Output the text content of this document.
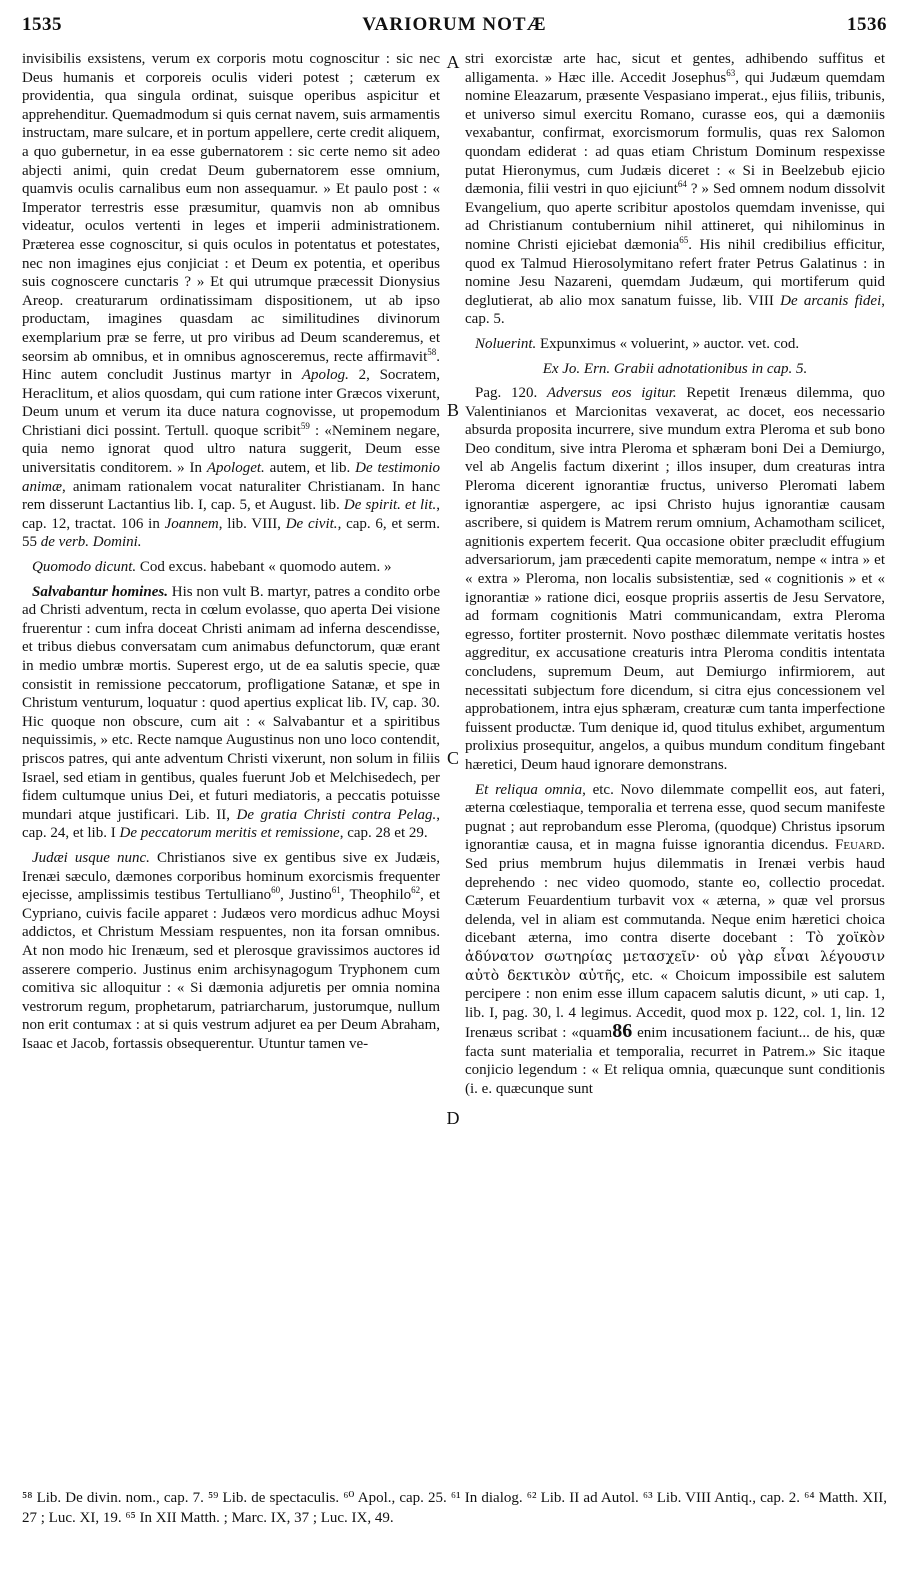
1535	VARIORUM NOTÆ	1536
A
B
C
D

invisibilis exsistens, verum ex corporis motu cognoscitur : sic nec Deus humanis et corporeis oculis videri potest ; cæterum ex providentia, qua singula ordinat, suisque operibus aspicitur et apprehenditur. Quemadmodum si quis cernat navem, suis armamentis instructam, mare sulcare, et in portum appellere, certe credit aliquem, a quo gubernetur, in ea esse gubernatorem : sic certe nemo sit adeo abjecti animi, quin credat Deum gubernatorem esse omnium, quamvis oculis carnalibus eum non assequamur. » Et paulo post : « Imperator terrestris esse præsumitur, quamvis non ab omnibus videatur, oculos vertenti in leges et imperii administrationem. Præterea esse cognoscitur, si quis oculos in potentatus et potestates, nec non imagines ejus conjiciat : et Deum ex potentia, et operibus suis cognoscere cunctaris ? » Et qui utrumque præcessit Dionysius Areop. creaturarum ordinatissimam dispositionem, ut ab ipso productam, imagines quasdam ac similitudines divinorum exemplarium præ se ferre, ut pro viribus ad Deum scanderemus, et seorsim ab omnibus, et in omnibus agnosceremus, recte affirmavit$^{58}$. Hinc autem concludit Justinus martyr in Apolog. 2, Socratem, Heraclitum, et alios quosdam, qui cum ratione inter Græcos vixerunt, Deum unum et verum ita duce natura cognovisse, ut propemodum Christiani dici possint. Tertull. quoque scribit$^{59}$ : «Neminem negare, quia nemo ignorat quod ultro natura suggerit, Deum esse universitatis conditorem. » In Apologet. autem, et lib. De testimonio animæ, animam rationalem vocat naturaliter Christianam. In hanc rem disserunt Lactantius lib. I, cap. 5, et August. lib. De spirit. et lit., cap. 12, tractat. 106 in Joannem, lib. VIII, De civit., cap. 6, et serm. 55 de verb. Domini.

Quomodo dicunt. Cod excus. habebant « quomodo autem. »

Salvabantur homines. His non vult B. martyr, patres a condito orbe ad Christi adventum, recta in cœlum evolasse, quo aperta Dei visione fruerentur : cum infra doceat Christi animam ad inferna descendisse, et tribus diebus conversatam cum animabus defunctorum, quæ erant in medio umbræ mortis. Superest ergo, ut de ea salutis specie, quæ consistit in remissione peccatorum, profligatione Satanæ, et spe in Christum venturum, loquatur : quod apertius explicat lib. IV, cap. 30. Hic quoque non obscure, cum ait : « Salvabantur et a spiritibus nequissimis, » etc. Recte namque Augustinus non uno loco contendit, priscos patres, qui ante adventum Christi vixerunt, non solum in filiis Israel, sed etiam in gentibus, quales fuerunt Job et Melchisedech, per fidem cultumque unius Dei, et futuri mediatoris, a peccatis potuisse mundari atque justificari. Lib. II, De gratia Christi contra Pelag., cap. 24, et lib. I De peccatorum meritis et remissione, cap. 28 et 29.

Judæi usque nunc. Christianos sive ex gentibus sive ex Judæis, Irenæi sæculo, dæmones corporibus hominum exorcismis frequenter ejecisse, amplissimis testibus Tertulliano$^{60}$, Justino$^{61}$, Theophilo$^{62}$, et Cypriano, cuivis facile apparet : Judæos vero mordicus adhuc Moysi addictos, et Christum Messiam respuentes, non ita forsan omnibus. At non modo hic Irenæum, sed et plerosque gravissimos auctores id asserere comperio. Justinus enim archisynagogum Tryphonem cum comitiva sic alloquitur : « Si dæmonia adjuretis per omnia nomina vestrorum regum, prophetarum, patriarcharum, justorumque, nullum non erit contumax : at si quis vestrum adjuret ea per Deum Abraham, Isaac et Jacob, fortassis obsequerentur. Utuntur tamen ve-

stri exorcistæ arte hac, sicut et gentes, adhibendo suffitus et alligamenta. » Hæc ille. Accedit Josephus$^{63}$, qui Judæum quemdam nomine Eleazarum, præsente Vespasiano imperat., ejus filiis, tribunis, et universo simul exercitu Romano, curasse eos, qui a dæmoniis vexabantur, confirmat, exorcismorum formulis, quas rex Salomon quondam ediderat : ad quas etiam Christum Dominum respexisse putat Hieronymus, cum Judæis diceret : « Si in Beelzebub ejicio dæmonia, filii vestri in quo ejiciunt$^{64}$ ? » Sed omnem nodum dissolvit Evangelium, quo aperte scribitur apostolos quemdam invenisse, qui ad Christianum contubernium nihil attineret, qui nihilominus in nomine Christi ejiciebat dæmonia$^{65}$. His nihil credibilius efficitur, quod ex Talmud Hierosolymitano refert frater Petrus Galatinus : in nomine Jesu Nazareni, quemdam Judæum, qui mortiferum quid deglutierat, ab alio mox sanatum fuisse, lib. VIII De arcanis fidei, cap. 5.

Noluerint. Expunximus « voluerint, » auctor. vet. cod.

Ex Jo. Ern. Grabii adnotationibus in cap. 5.

Pag. 120. Adversus eos igitur. Repetit Irenæus dilemma, quo Valentinianos et Marcionitas vexaverat, ac docet, eos necessario absurda proposita incurrere, sive mundum extra Pleroma et sub bono Deo conditum, sive intra Pleroma et sphæram boni Dei a Demiurgo, vel ab Angelis factum dixerint ; illos insuper, dum creaturas intra Pleroma dicerent ignorantiæ fructus, universo Pleromati labem ignorantiæ aspergere, ac ipsi Christo hujus ignorantiæ causam ascribere, si quidem is Matrem rerum omnium, Achamotham scilicet, agnitionis expertem fecerit. Qua occasione obiter præcludit effugium adversariorum, jam præcedenti capite memoratum, nempe « intra » et « extra » Pleroma, non localis subsistentiæ, sed « cognitionis » et « ignorantiæ » ratione dici, eosque propriis assertis de Jesu Servatore, ad formam cognitionis Matri communicandam, extra Pleroma egresso, fortiter prosternit. Novo posthæc dilemmate veritatis hostes aggreditur, ex accusatione creaturis intra Pleroma conditis intentata concludens, supremum Deum, aut Demiurgo infirmiorem, aut necessitati subjectum fore dicendum, si citra ejus concessionem vel approbationem, intra ejus sphæram, creaturæ cum tanta imperfectione fuissent productæ. Tum denique id, quod titulus exhibet, argumentum prolixius prosequitur, angelos, a quibus mundum conditum fingebant hæretici, Deum haud ignorare demonstrans.

Et reliqua omnia, etc. Novo dilemmate compellit eos, aut fateri, æterna cœlestiaque, temporalia et terrena esse, quod secum manifeste pugnat ; aut reprobandum esse Pleroma, (quodque) Christus ipsorum ignorantiæ causa, et in magna fuisse ignorantia dicendus. Feuard. Sed prius membrum hujus dilemmatis in Irenæi verbis haud deprehendo : nec video quomodo, stante eo, collectio procedat. Cæterum Feuardentium turbavit vox « æterna, » quæ vel prorsus delenda, vel in aliam est commutanda. Neque enim hæretici choica dicebant æterna, imo contra diserte docebant : Τὸ χοϊκὸν ἀδύνατον σωτηρίας μετασχεῖν· οὐ γὰρ εἶναι λέγουσιν αὐτὸ δεκτικὸν αὐτῆς, etc. « Choicum impossibile est salutem percipere : non enim esse illum capacem salutis dicunt, » uti cap. 1, lib. I, pag. 30, l. 4 legimus. Accedit, quod mox p. 122, col. 1, lin. 12 Irenæus scribat : «quam86 enim incusationem faciunt... de his, quæ facta sunt materialia et temporalia, recurret in Patrem.» Sic itaque conjicio legendum : « Et reliqua omnia, quæcunque sunt conditionis (i. e. quæcunque sunt

⁵⁸ Lib. De divin. nom., cap. 7. ⁵⁹ Lib. de spectaculis. ⁶⁰ Apol., cap. 25. ⁶¹ In dialog. ⁶² Lib. II ad Autol. ⁶³ Lib. VIII Antiq., cap. 2. ⁶⁴ Matth. XII, 27 ; Luc. XI, 19. ⁶⁵ In XII Matth. ; Marc. IX, 37 ; Luc. IX, 49.
